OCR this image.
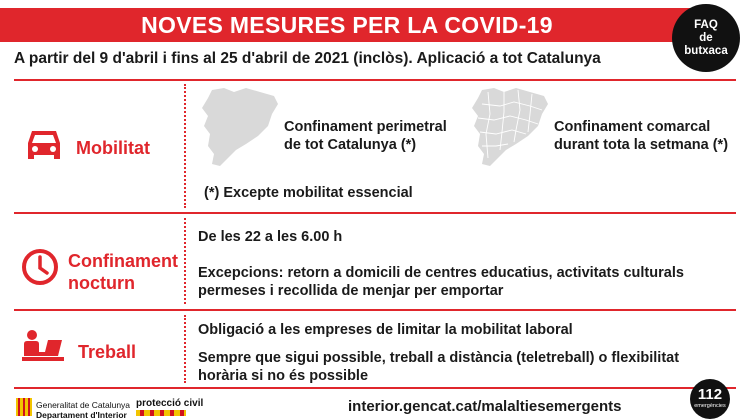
NOVES MESURES PER LA COVID-19	FAQ
de
butxaca
A partir del 9 d'abril i fins al 25 d'abril de 2021 (inclòs). Aplicació a tot Catalunya
Mobilitat
Confinament perimetral
de tot Catalunya (*)
Confinament comarcal
durant tota la setmana (*)
(*) Excepte mobilitat essencial
Confinament
nocturn
De les 22 a les 6.00 h
Excepcions: retorn a domicili de centres educatius, activitats culturals
permeses i recollida de menjar per emportar
Treball
Obligació a les empreses de limitar la mobilitat laboral
Sempre que sigui possible, treball a distància (teletreball) o flexibilitat
horària si no és possible
Generalitat de Catalunya
Departament d'Interior
protecció civil	interior.gencat.cat/malaltiesemergents
112
emergències
